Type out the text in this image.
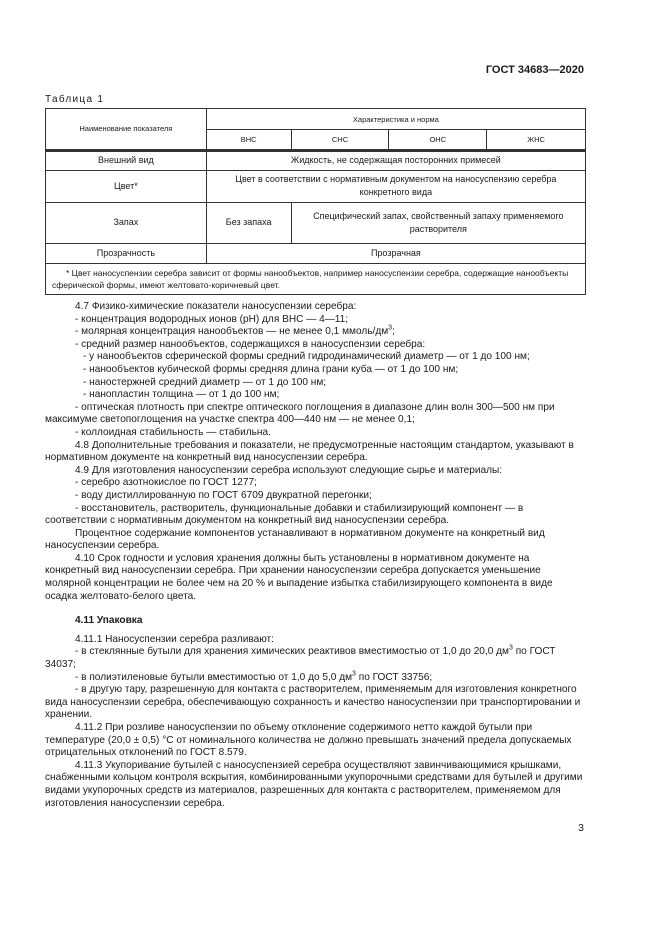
ГОСТ 34683—2020
Таблица 1
Наименование показателя	Характеристика и норма			
	ВНС	СНС	ОНС	ЖНС

Внешний вид	Жидкость, не содержащая посторонних примесей			
Цвет*	Цвет в соответствии с нормативным документом на наносуспензию серебра конкретного вида			
Запах	Без запаха	Специфический запах, свойственный запаху применяемого растворителя		
Прозрачность	Прозрачная			
* Цвет наносуспензии серебра зависит от формы нанообъектов, например наносуспензии серебра, содержащие нанообъекты сферической формы, имеют желтовато-коричневый цвет.				
4.7 Физико-химические показатели наносуспензии серебра:
- концентрация водородных ионов (pH) для ВНС — 4—11;
- молярная концентрация нанообъектов — не менее 0,1 ммоль/$дм^3$;
- средний размер нанообъектов, содержащихся в наносуспензии серебра:
- у нанообъектов сферической формы средний гидродинамический диаметр — от 1 до 100 нм;
- нанообъектов кубической формы средняя длина грани куба — от 1 до 100 нм;
- наностержней средний диаметр — от 1 до 100 нм;
- нанопластин толщина — от 1 до 100 нм;
- оптическая плотность при спектре оптического поглощения в диапазоне длин волн 300—500 нм при максимуме светопоглощения на участке спектра 400—440 нм — не менее 0,1;
- коллоидная стабильность — стабильна.
4.8 Дополнительные требования и показатели, не предусмотренные настоящим стандартом, указывают в нормативном документе на конкретный вид наносуспензии серебра.
4.9 Для изготовления наносуспензии серебра используют следующие сырье и материалы:
- серебро азотнокислое по ГОСТ 1277;
- воду дистиллированную по ГОСТ 6709 двукратной перегонки;
- восстановитель, растворитель, функциональные добавки и стабилизирующий компонент — в соответствии с нормативным документом на конкретный вид наносуспензии серебра.
Процентное содержание компонентов устанавливают в нормативном документе на конкретный вид наносуспензии серебра.
4.10 Срок годности и условия хранения должны быть установлены в нормативном документе на конкретный вид наносуспензии серебра. При хранении наносуспензии серебра допускается уменьшение молярной концентрации не более чем на 20 % и выпадение избытка стабилизирующего компонента в виде осадка желтовато-белого цвета.
4.11 Упаковка
4.11.1 Наносуспензии серебра разливают:
- в стеклянные бутыли для хранения химических реактивов вместимостью от 1,0 до 20,0 $дм^3$ по ГОСТ 34037;
- в полиэтиленовые бутыли вместимостью от 1,0 до 5,0 $дм^3$ по ГОСТ 33756;
- в другую тару, разрешенную для контакта с растворителем, применяемым для изготовления конкретного вида наносуспензии серебра, обеспечивающую сохранность и качество наносуспензии при транспортировании и хранении.
4.11.2 При розливе наносуспензии по объему отклонение содержимого нетто каждой бутыли при температуре (20,0 ± 0,5) °С от номинального количества не должно превышать значений предела допускаемых отрицательных отклонений по ГОСТ 8.579.
4.11.3 Укупоривание бутылей с наносуспензией серебра осуществляют завинчивающимися крышками, снабженными кольцом контроля вскрытия, комбинированными укупорочными средствами для бутылей и другими видами укупорочных средств из материалов, разрешенных для контакта с растворителем, применяемом для изготовления наносуспензии серебра.
3
